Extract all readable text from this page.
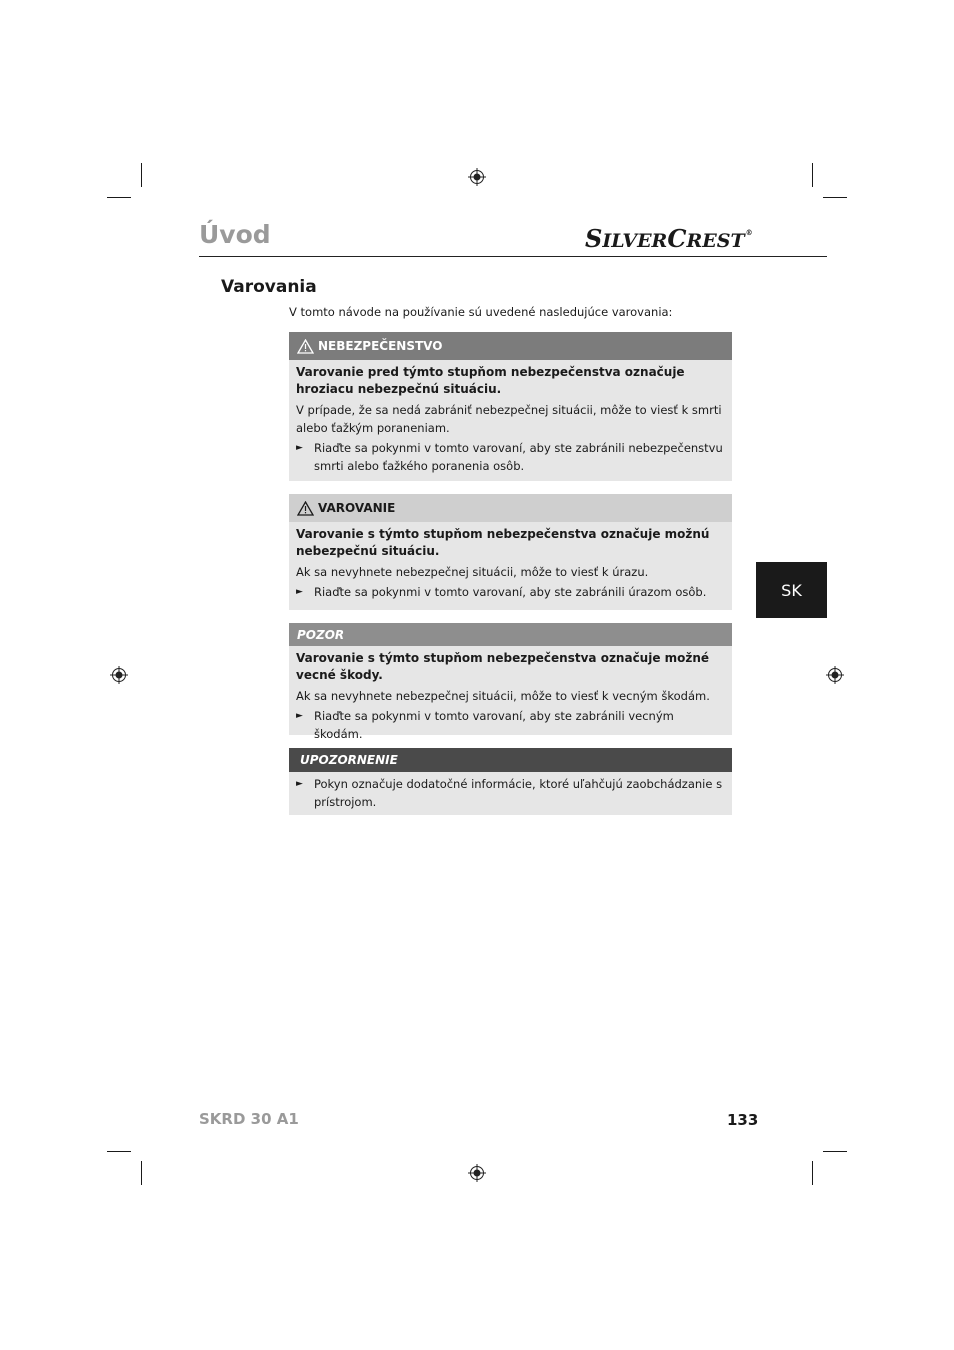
Úvod	SILVERCREST®
Varovania

V tomto návode na používanie sú uvedené nasledujúce varovania:

NEBEZPEČENSTVO

Varovanie pred týmto stupňom nebezpečenstva označuje hroziacu nebezpečnú situáciu.

V prípade, že sa nedá zabrániť nebezpečnej situácii, môže to viesť k smrti alebo ťažkým poraneniam.

► Riaďte sa pokynmi v tomto varovaní, aby ste zabránili nebezpečenstvu smrti alebo ťažkého poranenia osôb.
VAROVANIE

Varovanie s týmto stupňom nebezpečenstva označuje možnú nebezpečnú situáciu.

Ak sa nevyhnete nebezpečnej situácii, môže to viesť k úrazu.

► Riaďte sa pokynmi v tomto varovaní, aby ste zabránili úrazom osôb.
POZOR

Varovanie s týmto stupňom nebezpečenstva označuje možné vecné škody.

Ak sa nevyhnete nebezpečnej situácii, môže to viesť k vecným škodám.

► Riaďte sa pokynmi v tomto varovaní, aby ste zabránili vecným škodám.
UPOZORNENIE
► Pokyn označuje dodatočné informácie, ktoré uľahčujú zaobchádzanie s prístrojom.
SK

SKRD 30 A1	133
